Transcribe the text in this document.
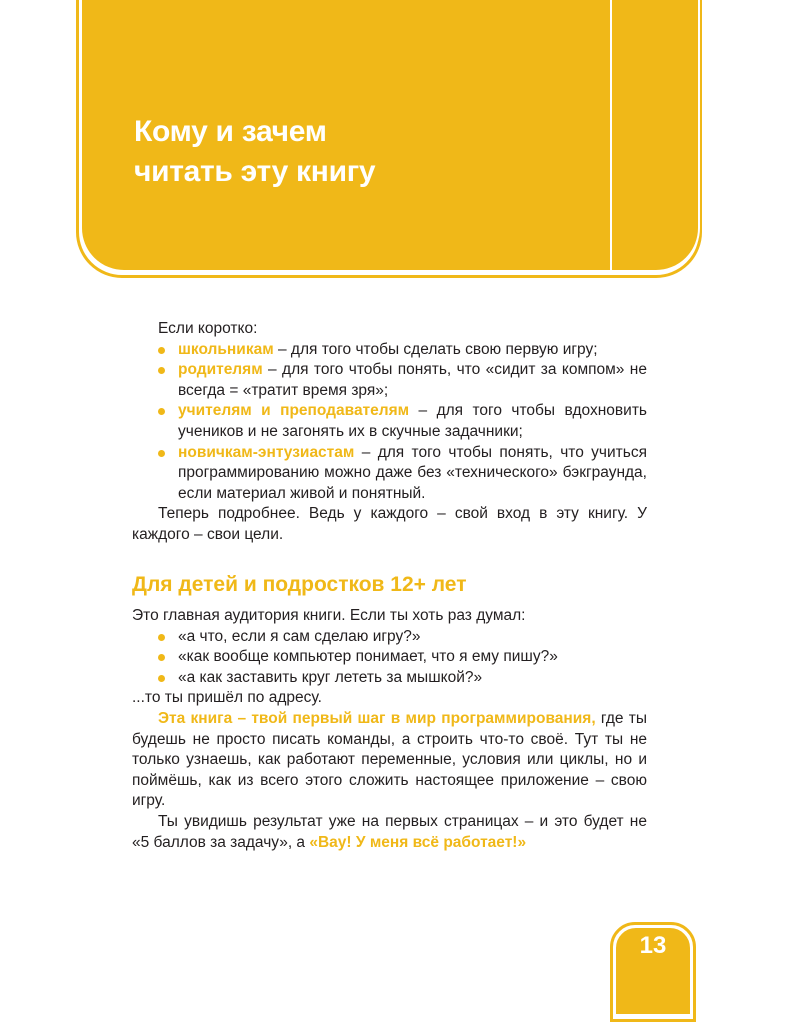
Кому и зачем
читать эту книгу

Если коротко:

школьникам – для того чтобы сделать свою первую игру;
родителям – для того чтобы понять, что «сидит за компом» не всегда = «тратит время зря»;
учителям и преподавателям – для того чтобы вдохновить учеников и не загонять их в скучные задачники;
новичкам-энтузиастам – для того чтобы понять, что учиться программированию можно даже без «технического» бэкграунда, если материал живой и понятный.

Теперь подробнее. Ведь у каждого – свой вход в эту книгу. У каждого – свои цели.

Для детей и подростков 12+ лет

Это главная аудитория книги. Если ты хоть раз думал:

«а что, если я сам сделаю игру?»
«как вообще компьютер понимает, что я ему пишу?»
«а как заставить круг лететь за мышкой?»

...то ты пришёл по адресу.

Эта книга – твой первый шаг в мир программирования, где ты будешь не просто писать команды, а строить что-то своё. Тут ты не только узнаешь, как работают переменные, условия или циклы, но и поймёшь, как из всего этого сложить настоящее приложение – свою игру.

Ты увидишь результат уже на первых страницах – и это будет не «5 баллов за задачу», а «Вау! У меня всё работает!»

13
